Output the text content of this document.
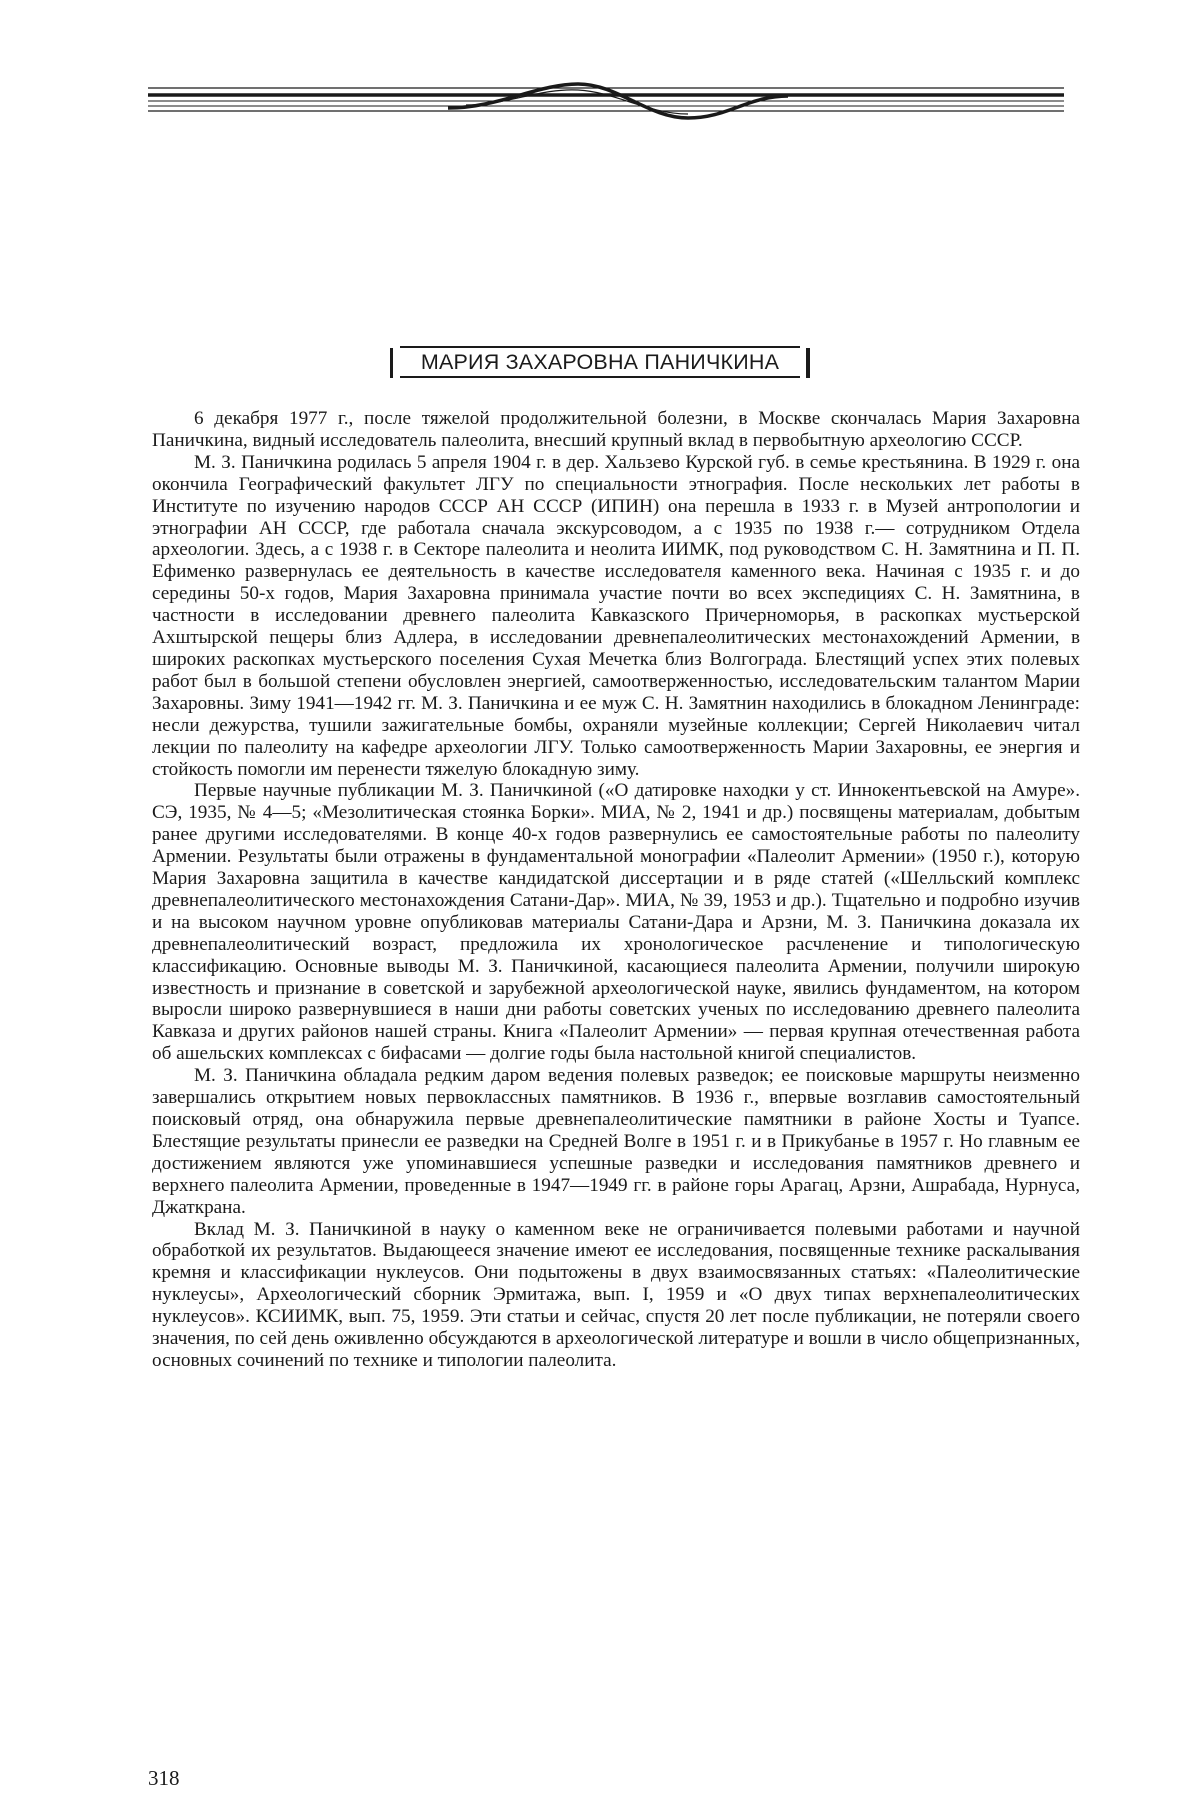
МАРИЯ ЗАХАРОВНА ПАНИЧКИНА

6 декабря 1977 г., после тяжелой продолжительной болезни, в Москве скончалась Мария Захаровна Паничкина, видный исследователь палеолита, внесший крупный вклад в первобытную археологию СССР.

М. З. Паничкина родилась 5 апреля 1904 г. в дер. Хальзево Курской губ. в семье крестьянина. В 1929 г. она окончила Географический факультет ЛГУ по специальности этнография. После нескольких лет работы в Институте по изучению народов СССР АН СССР (ИПИН) она перешла в 1933 г. в Музей антропологии и этнографии АН СССР, где работала сначала экскурсоводом, а с 1935 по 1938 г.— сотрудником Отдела археологии. Здесь, а с 1938 г. в Секторе палеолита и неолита ИИМК, под руководством С. Н. Замятнина и П. П. Ефименко развернулась ее деятельность в качестве исследователя каменного века. Начиная с 1935 г. и до середины 50-х годов, Мария Захаровна принимала участие почти во всех экспедициях С. Н. Замятнина, в частности в исследовании древнего палеолита Кавказского Причерноморья, в раскопках мустьерской Ахштырской пещеры близ Адлера, в исследовании древнепалеолитических местонахождений Армении, в широких раскопках мустьерского поселения Сухая Мечетка близ Волгограда. Блестящий успех этих полевых работ был в большой степени обусловлен энергией, самоотверженностью, исследовательским талантом Марии Захаровны. Зиму 1941—1942 гг. М. З. Паничкина и ее муж С. Н. Замятнин находились в блокадном Ленинграде: несли дежурства, тушили зажигательные бомбы, охраняли музейные коллекции; Сергей Николаевич читал лекции по палеолиту на кафедре археологии ЛГУ. Только самоотверженность Марии Захаровны, ее энергия и стойкость помогли им перенести тяжелую блокадную зиму.

Первые научные публикации М. З. Паничкиной («О датировке находки у ст. Иннокентьевской на Амуре». СЭ, 1935, № 4—5; «Мезолитическая стоянка Борки». МИА, № 2, 1941 и др.) посвящены материалам, добытым ранее другими исследователями. В конце 40-х годов развернулись ее самостоятельные работы по палеолиту Армении. Результаты были отражены в фундаментальной монографии «Палеолит Армении» (1950 г.), которую Мария Захаровна защитила в качестве кандидатской диссертации и в ряде статей («Шелльский комплекс древнепалеолитического местонахождения Сатани-Дар». МИА, № 39, 1953 и др.). Тщательно и подробно изучив и на высоком научном уровне опубликовав материалы Сатани-Дара и Арзни, М. З. Паничкина доказала их древнепалеолитический возраст, предложила их хронологическое расчленение и типологическую классификацию. Основные выводы М. З. Паничкиной, касающиеся палеолита Армении, получили широкую известность и признание в советской и зарубежной археологической науке, явились фундаментом, на котором выросли широко развернувшиеся в наши дни работы советских ученых по исследованию древнего палеолита Кавказа и других районов нашей страны. Книга «Палеолит Армении» — первая крупная отечественная работа об ашельских комплексах с бифасами — долгие годы была настольной книгой специалистов.

М. З. Паничкина обладала редким даром ведения полевых разведок; ее поисковые маршруты неизменно завершались открытием новых первоклассных памятников. В 1936 г., впервые возглавив самостоятельный поисковый отряд, она обнаружила первые древнепалеолитические памятники в районе Хосты и Туапсе. Блестящие результаты принесли ее разведки на Средней Волге в 1951 г. и в Прикубанье в 1957 г. Но главным ее достижением являются уже упоминавшиеся успешные разведки и исследования памятников древнего и верхнего палеолита Армении, проведенные в 1947—1949 гг. в районе горы Арагац, Арзни, Ашрабада, Нурнуса, Джаткрана.

Вклад М. З. Паничкиной в науку о каменном веке не ограничивается полевыми работами и научной обработкой их результатов. Выдающееся значение имеют ее исследования, посвященные технике раскалывания кремня и классификации нуклеусов. Они подытожены в двух взаимосвязанных статьях: «Палеолитические нуклеусы», Археологический сборник Эрмитажа, вып. I, 1959 и «О двух типах верхнепалеолитических нуклеусов». КСИИМК, вып. 75, 1959. Эти статьи и сейчас, спустя 20 лет после публикации, не потеряли своего значения, по сей день оживленно обсуждаются в археологической литературе и вошли в число общепризнанных, основных сочинений по технике и типологии палеолита.

318
